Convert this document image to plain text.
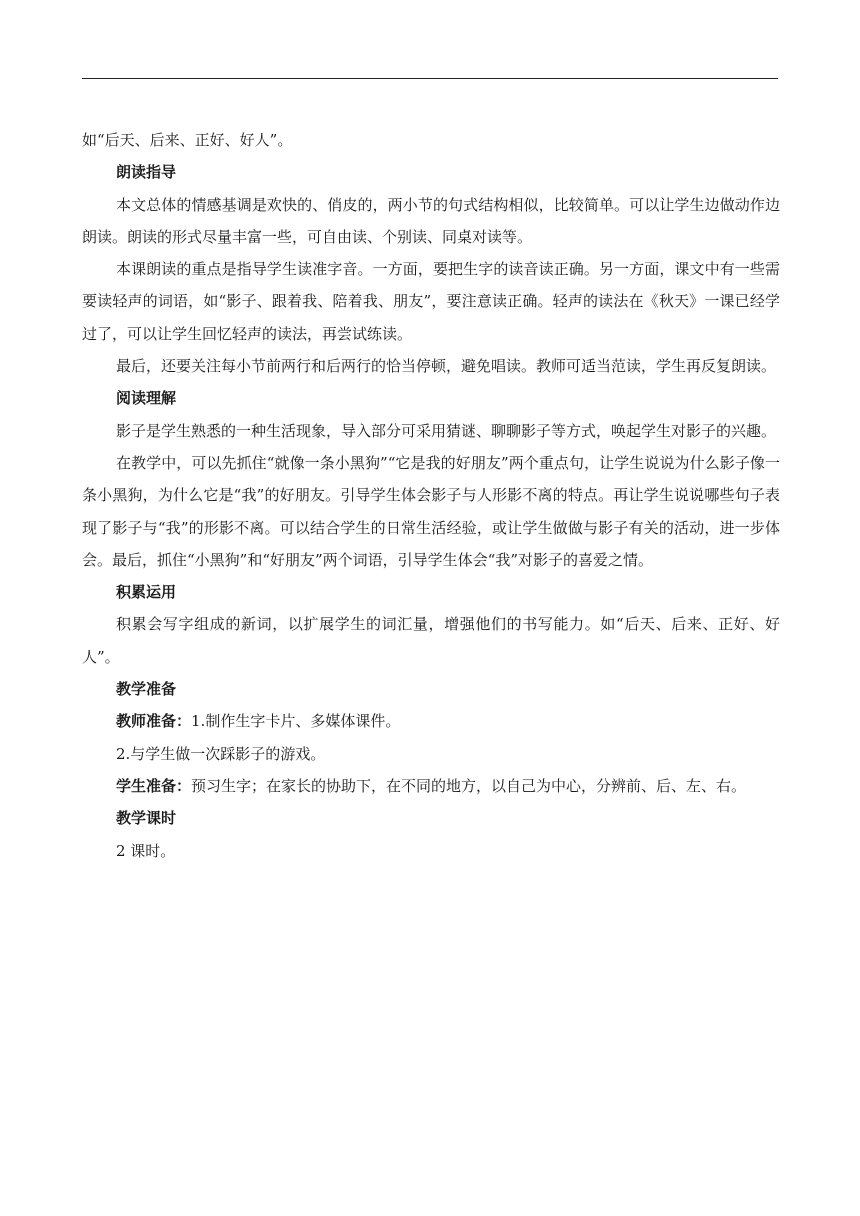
如“后天、后来、正好、好人”。

朗读指导

本文总体的情感基调是欢快的、俏皮的，两小节的句式结构相似，比较简单。可以让学生边做动作边朗读。朗读的形式尽量丰富一些，可自由读、个别读、同桌对读等。

本课朗读的重点是指导学生读准字音。一方面，要把生字的读音读正确。另一方面，课文中有一些需要读轻声的词语，如“影子、跟着我、陪着我、朋友”，要注意读正确。轻声的读法在《秋天》一课已经学过了，可以让学生回忆轻声的读法，再尝试练读。

最后，还要关注每小节前两行和后两行的恰当停顿，避免唱读。教师可适当范读，学生再反复朗读。

阅读理解

影子是学生熟悉的一种生活现象，导入部分可采用猜谜、聊聊影子等方式，唤起学生对影子的兴趣。

在教学中，可以先抓住“就像一条小黑狗”“它是我的好朋友”两个重点句，让学生说说为什么影子像一条小黑狗，为什么它是“我”的好朋友。引导学生体会影子与人形影不离的特点。再让学生说说哪些句子表现了影子与“我”的形影不离。可以结合学生的日常生活经验，或让学生做做与影子有关的活动，进一步体会。最后，抓住“小黑狗”和“好朋友”两个词语，引导学生体会“我”对影子的喜爱之情。

积累运用

积累会写字组成的新词，以扩展学生的词汇量，增强他们的书写能力。如“后天、后来、正好、好人”。

教学准备

教师准备：1.制作生字卡片、多媒体课件。

2.与学生做一次踩影子的游戏。

学生准备：预习生字；在家长的协助下，在不同的地方，以自己为中心，分辨前、后、左、右。

教学课时

2 课时。
